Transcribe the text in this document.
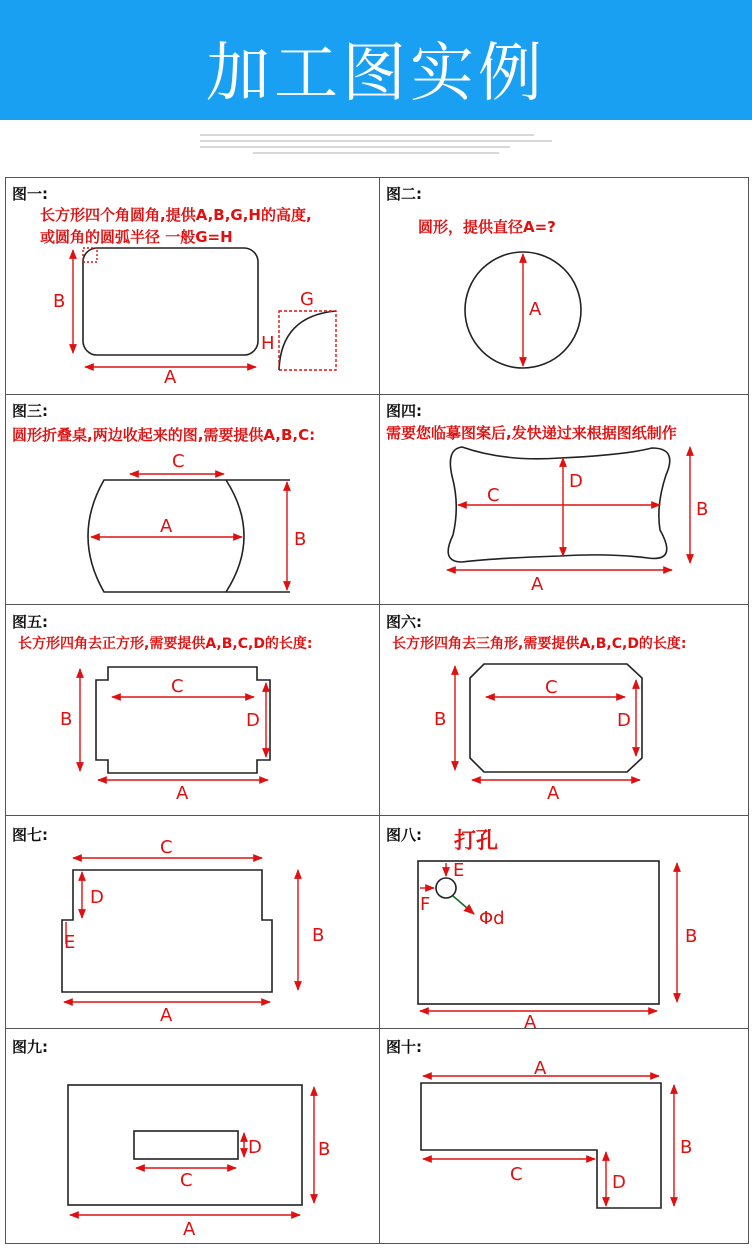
加工图实例
图一:
长方形四个角圆角,提供A,B,G,H的高度,
或圆角的圆弧半径 一般G=H
图二:
圆形，提供直径A=?
图三:
圆形折叠桌,两边收起来的图,需要提供A,B,C:
图四:
需要您临摹图案后,发快递过来根据图纸制作
图五:
长方形四角去正方形,需要提供A,B,C,D的长度:
图六:
长方形四角去三角形,需要提供A,B,C,D的长度:
图七:	图八:
图九:	图十:
B
A
G
H
A
C
A
B
D
C
B
A
C
B	D
A
C
B	D
A
C
D
E	B
A
打孔
E
F
Φd
B
A
D
C
B
A
A
B
C	D
